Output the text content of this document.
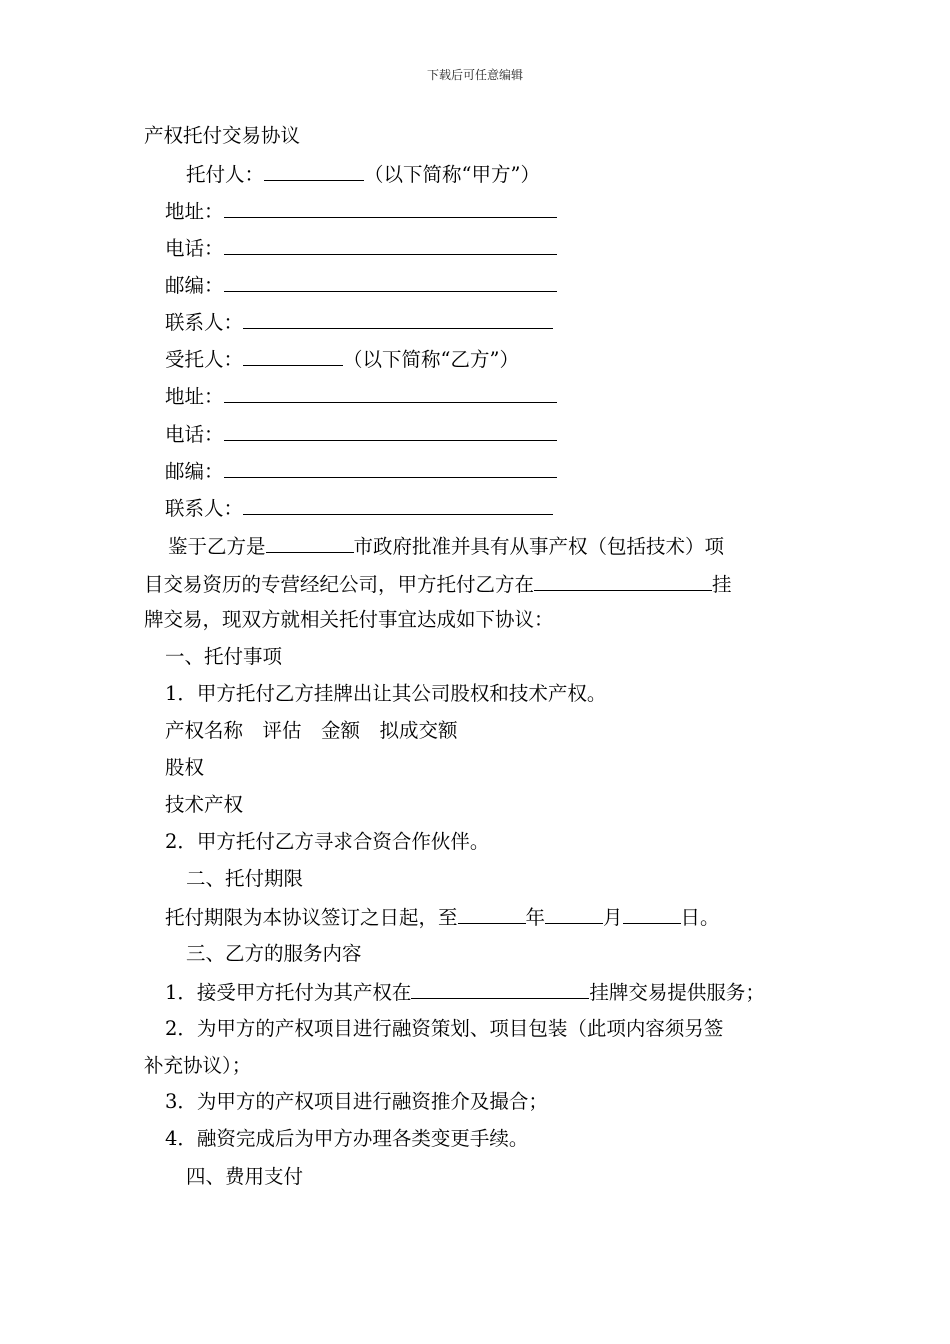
下载后可任意编辑
产权托付交易协议
托付人：	（以下简称“甲方”）
地址：
电话：
邮编：
联系人：
受托人：	（以下简称“乙方”）
地址：
电话：
邮编：
联系人：
鉴于乙方是	市政府批准并具有从事产权（包括技术）项
目交易资历的专营经纪公司，甲方托付乙方在	挂
牌交易，现双方就相关托付事宜达成如下协议：
一、托付事项
1．甲方托付乙方挂牌出让其公司股权和技术产权。
产权名称　评估　金额　拟成交额
股权
技术产权
2．甲方托付乙方寻求合资合作伙伴。
二、托付期限
托付期限为本协议签订之日起，至	年	月	日。
三、乙方的服务内容
1．接受甲方托付为其产权在	挂牌交易提供服务；
2．为甲方的产权项目进行融资策划、项目包装（此项内容须另签
补充协议）；
3．为甲方的产权项目进行融资推介及撮合；
4．融资完成后为甲方办理各类变更手续。
四、费用支付
